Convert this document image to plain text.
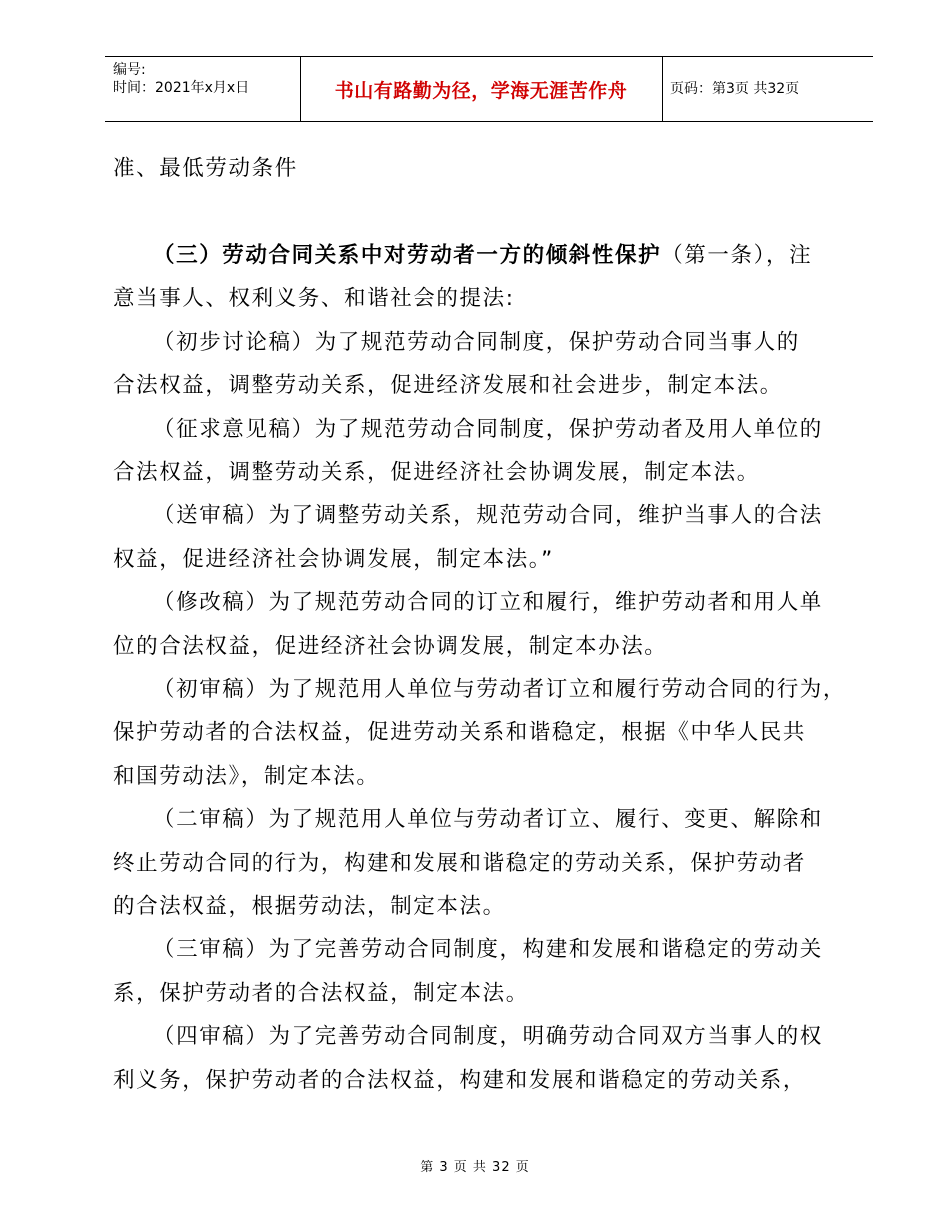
编号:
时间：2021年x月x日	书山有路勤为径，学海无涯苦作舟	页码：第3页 共32页
准、最低劳动条件
（三）劳动合同关系中对劳动者一方的倾斜性保护（第一条），注
意当事人、权利义务、和谐社会的提法:
（初步讨论稿）为了规范劳动合同制度，保护劳动合同当事人的
合法权益，调整劳动关系，促进经济发展和社会进步，制定本法。
（征求意见稿）为了规范劳动合同制度，保护劳动者及用人单位的
合法权益，调整劳动关系，促进经济社会协调发展，制定本法。
（送审稿）为了调整劳动关系，规范劳动合同，维护当事人的合法
权益，促进经济社会协调发展，制定本法。”
（修改稿）为了规范劳动合同的订立和履行，维护劳动者和用人单
位的合法权益，促进经济社会协调发展，制定本办法。
（初审稿）为了规范用人单位与劳动者订立和履行劳动合同的行为，
保护劳动者的合法权益，促进劳动关系和谐稳定，根据《中华人民共
和国劳动法》，制定本法。
（二审稿）为了规范用人单位与劳动者订立、履行、变更、解除和
终止劳动合同的行为，构建和发展和谐稳定的劳动关系，保护劳动者
的合法权益，根据劳动法，制定本法。
（三审稿）为了完善劳动合同制度，构建和发展和谐稳定的劳动关
系，保护劳动者的合法权益，制定本法。
（四审稿）为了完善劳动合同制度，明确劳动合同双方当事人的权
利义务，保护劳动者的合法权益，构建和发展和谐稳定的劳动关系，
第 3 页 共 32 页
